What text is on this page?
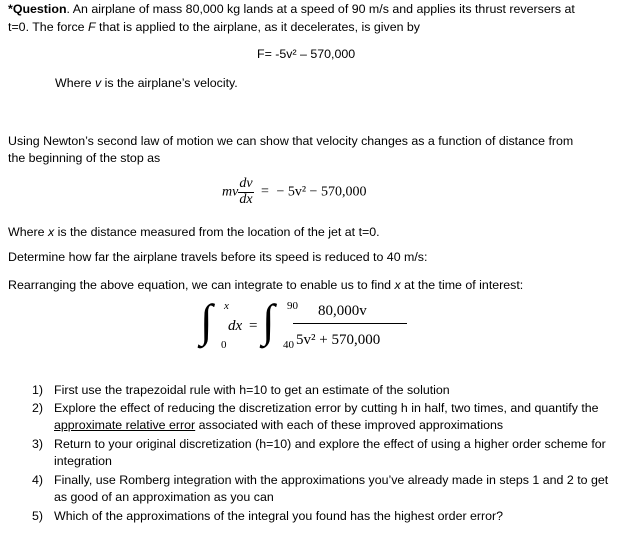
*Question. An airplane of mass 80,000 kg lands at a speed of 90 m/s and applies its thrust reversers at
t=0. The force F that is applied to the airplane, as it decelerates, is given by
F= -5v² – 570,000
Where v is the airplane’s velocity.
Using Newton’s second law of motion we can show that velocity changes as a function of distance from
the beginning of the stop as
mv $\frac{dv}{dx}$ = − 5v² − 570,000
Where x is the distance measured from the location of the jet at t=0.
Determine how far the airplane travels before its speed is reduced to 40 m/s:
Rearranging the above equation, we can integrate to enable us to find x at the time of interest:
∫ x
0
dx = ∫ 90
40
80,000v
5v² + 570,000
1) First use the trapezoidal rule with h=10 to get an estimate of the solution
2) Explore the effect of reducing the discretization error by cutting h in half, two times, and quantify the approximate relative error associated with each of these improved approximations
3) Return to your original discretization (h=10) and explore the effect of using a higher order scheme for integration
4) Finally, use Romberg integration with the approximations you’ve already made in steps 1 and 2 to get as good of an approximation as you can
5) Which of the approximations of the integral you found has the highest order error?
